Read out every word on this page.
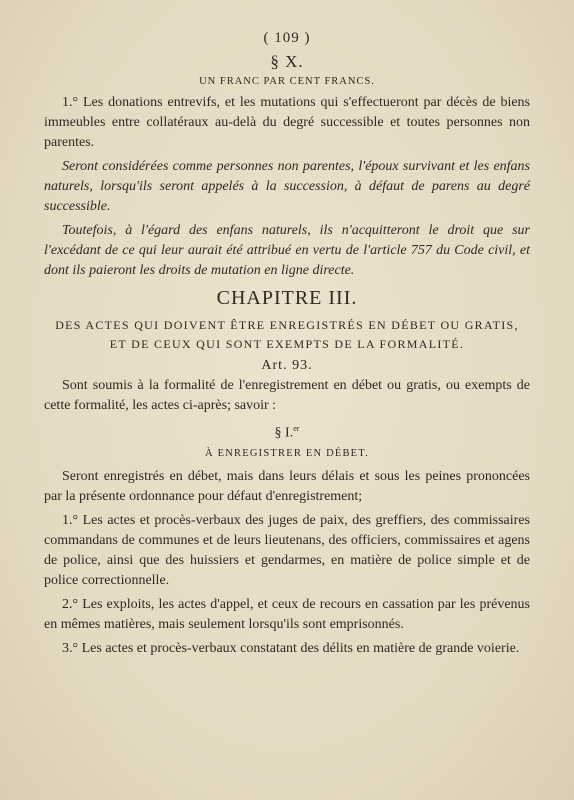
( 109 )
§ X.
UN FRANC PAR CENT FRANCS.

1.° Les donations entrevifs, et les mutations qui s'effectueront par décès de biens immeubles entre collatéraux au-delà du degré successible et toutes personnes non parentes.

Seront considérées comme personnes non parentes, l'époux survivant et les enfans naturels, lorsqu'ils seront appelés à la succession, à défaut de parens au degré successible.

Toutefois, à l'égard des enfans naturels, ils n'acquitteront le droit que sur l'excédant de ce qui leur aurait été attribué en vertu de l'article 757 du Code civil, et dont ils paieront les droits de mutation en ligne directe.

CHAPITRE III.
DES ACTES QUI DOIVENT ÊTRE ENREGISTRÉS EN DÉBET OU GRATIS,
ET DE CEUX QUI SONT EXEMPTS DE LA FORMALITÉ.
Art. 93.

Sont soumis à la formalité de l'enregistrement en débet ou gratis, ou exempts de cette formalité, les actes ci-après; savoir :

§ I.$^{er}$
À ENREGISTRER EN DÉBET.

Seront enregistrés en débet, mais dans leurs délais et sous les peines prononcées par la présente ordonnance pour défaut d'enregistrement;

1.° Les actes et procès-verbaux des juges de paix, des greffiers, des commissaires commandans de communes et de leurs lieutenans, des officiers, commissaires et agens de police, ainsi que des huissiers et gendarmes, en matière de police simple et de police correctionnelle.

2.° Les exploits, les actes d'appel, et ceux de recours en cassation par les prévenus en mêmes matières, mais seulement lorsqu'ils sont emprisonnés.

3.° Les actes et procès-verbaux constatant des délits en matière de grande voierie.
